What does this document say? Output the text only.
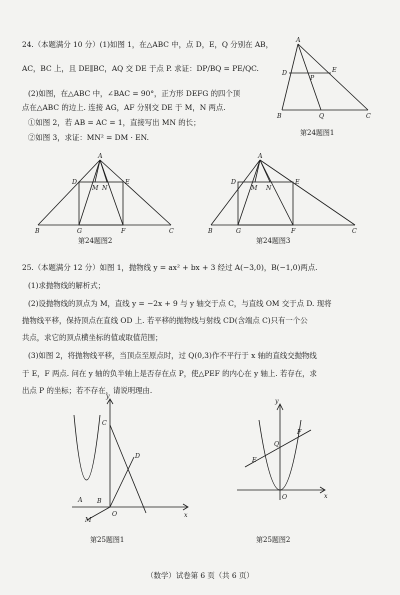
24.（本题满分 10 分）(1)如图 1，在△ABC 中，点 D，E，Q 分别在 AB，
AC，BC 上，且 DE∥BC，AQ 交 DE 于点 P. 求证：DP/BQ = PE/QC.
(2)如图，在△ABC 中，∠BAC = 90°，正方形 DEFG 的四个顶
点在△ABC 的边上. 连接 AG，AF 分别交 DE 于 M，N 两点.
①如图 2，若 AB = AC = 1，直接写出 MN 的长；
②如图 3，求证：MN² = DM · EN.
A
D	E
P
B	Q	C
第24题图1
A
D	E
M N
B	G	F	C
第24题图2
A
D	E
M N
B	G	F	C
第24题图3
25.（本题满分 12 分）如图 1，抛物线 y = ax² + bx + 3 经过 A(−3,0)，B(−1,0)两点.
(1)求抛物线的解析式；
(2)设抛物线的顶点为 M，直线 y = −2x + 9 与 y 轴交于点 C，与直线 OM 交于点 D. 现将
抛物线平移，保持顶点在直线 OD 上. 若平移的抛物线与射线 CD(含端点 C)只有一个公
共点，求它的顶点横坐标的值或取值范围；
(3)如图 2，将抛物线平移，当顶点至原点时，过 Q(0,3)作不平行于 x 轴的直线交抛物线
于 E，F 两点. 问在 y 轴的负半轴上是否存在点 P，使△PEF 的内心在 y 轴上. 若存在，求
出点 P 的坐标；若不存在，请说明理由.
y
x
C
D
A B
O
M
第25题图1
y
x
Q
F
E
O
第25题图2
（数学）试卷第 6 页（共 6 页）
